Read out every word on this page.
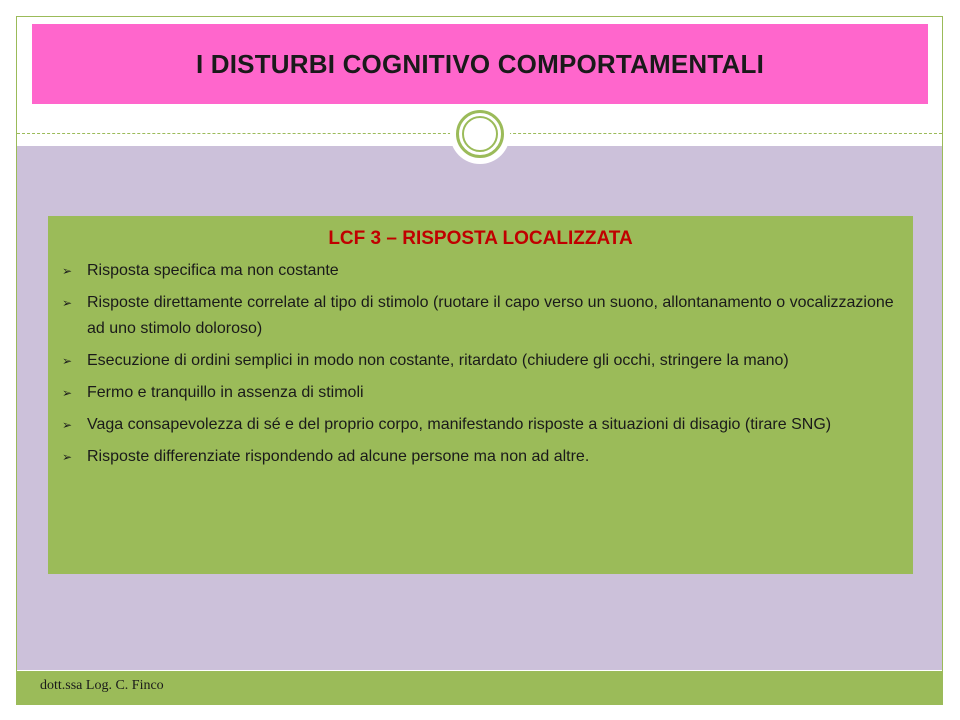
I DISTURBI COGNITIVO COMPORTAMENTALI
LCF 3 – RISPOSTA LOCALIZZATA
➢ Risposta specifica ma non costante
➢ Risposte direttamente correlate al tipo di stimolo (ruotare il capo verso un suono, allontanamento o vocalizzazione ad uno stimolo doloroso)
➢ Esecuzione di ordini semplici in modo non costante, ritardato (chiudere gli occhi, stringere la mano)
➢ Fermo e tranquillo in assenza di stimoli
➢ Vaga consapevolezza di sé e del proprio corpo, manifestando risposte a situazioni di disagio (tirare SNG)
➢ Risposte differenziate rispondendo ad alcune persone ma non ad altre.
dott.ssa Log. C. Finco
